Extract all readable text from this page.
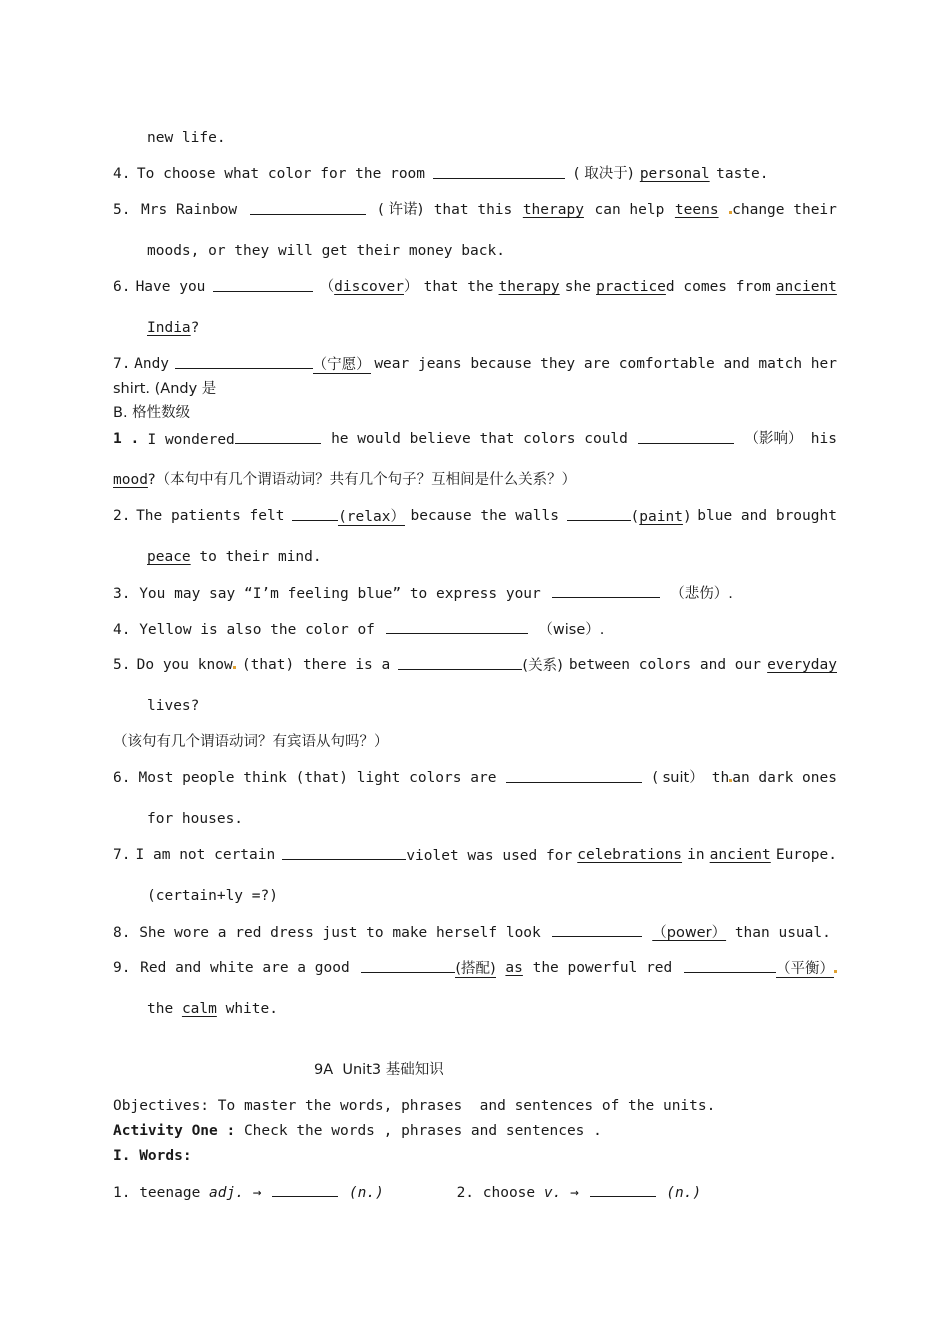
new life.
4. To choose what color for the room	( 取决于) personal taste.
5. Mrs Rainbow	( 许诺) that this therapy can help teens change their
moods, or they will get their money back.
6. Have you	（discover） that the therapy she practiced comes from ancient
India?
7. Andy	（宁愿） wear jeans because they are comfortable and match her
shirt. (Andy 是
B. 格性数级
1 . I wondered	he would believe that colors could	（影响） his
mood?（本句中有几个谓语动词？共有几个句子？互相间是什么关系？）
2. The patients felt	(relax） because the walls	(paint) blue and brought
peace to their mind.
3. You may say “I’m feeling blue” to express your	（悲伤）.
4. Yellow is also the color of	（wise）.
5. Do you know (that) there is a	(关系) between colors and our everyday
lives?
（该句有几个谓语动词？有宾语从句吗？）
6. Most people think (that) light colors are	( suit） th an dark ones
for houses.
7. I am not certain	violet was used for celebrations in ancient Europe.
(certain+ly =?)
8. She wore a red dress just to make herself look	（power） than usual.
9. Red and white are a good	(搭配) as the powerful red	（平衡）
the calm white.
9A  Unit3 基础知识
Objectives: To master the words, phrases  and sentences of the units.
Activity One : Check the words , phrases and sentences .
I. Words:
1. teenage adj. →	(n.)	2. choose v. →	(n.)
